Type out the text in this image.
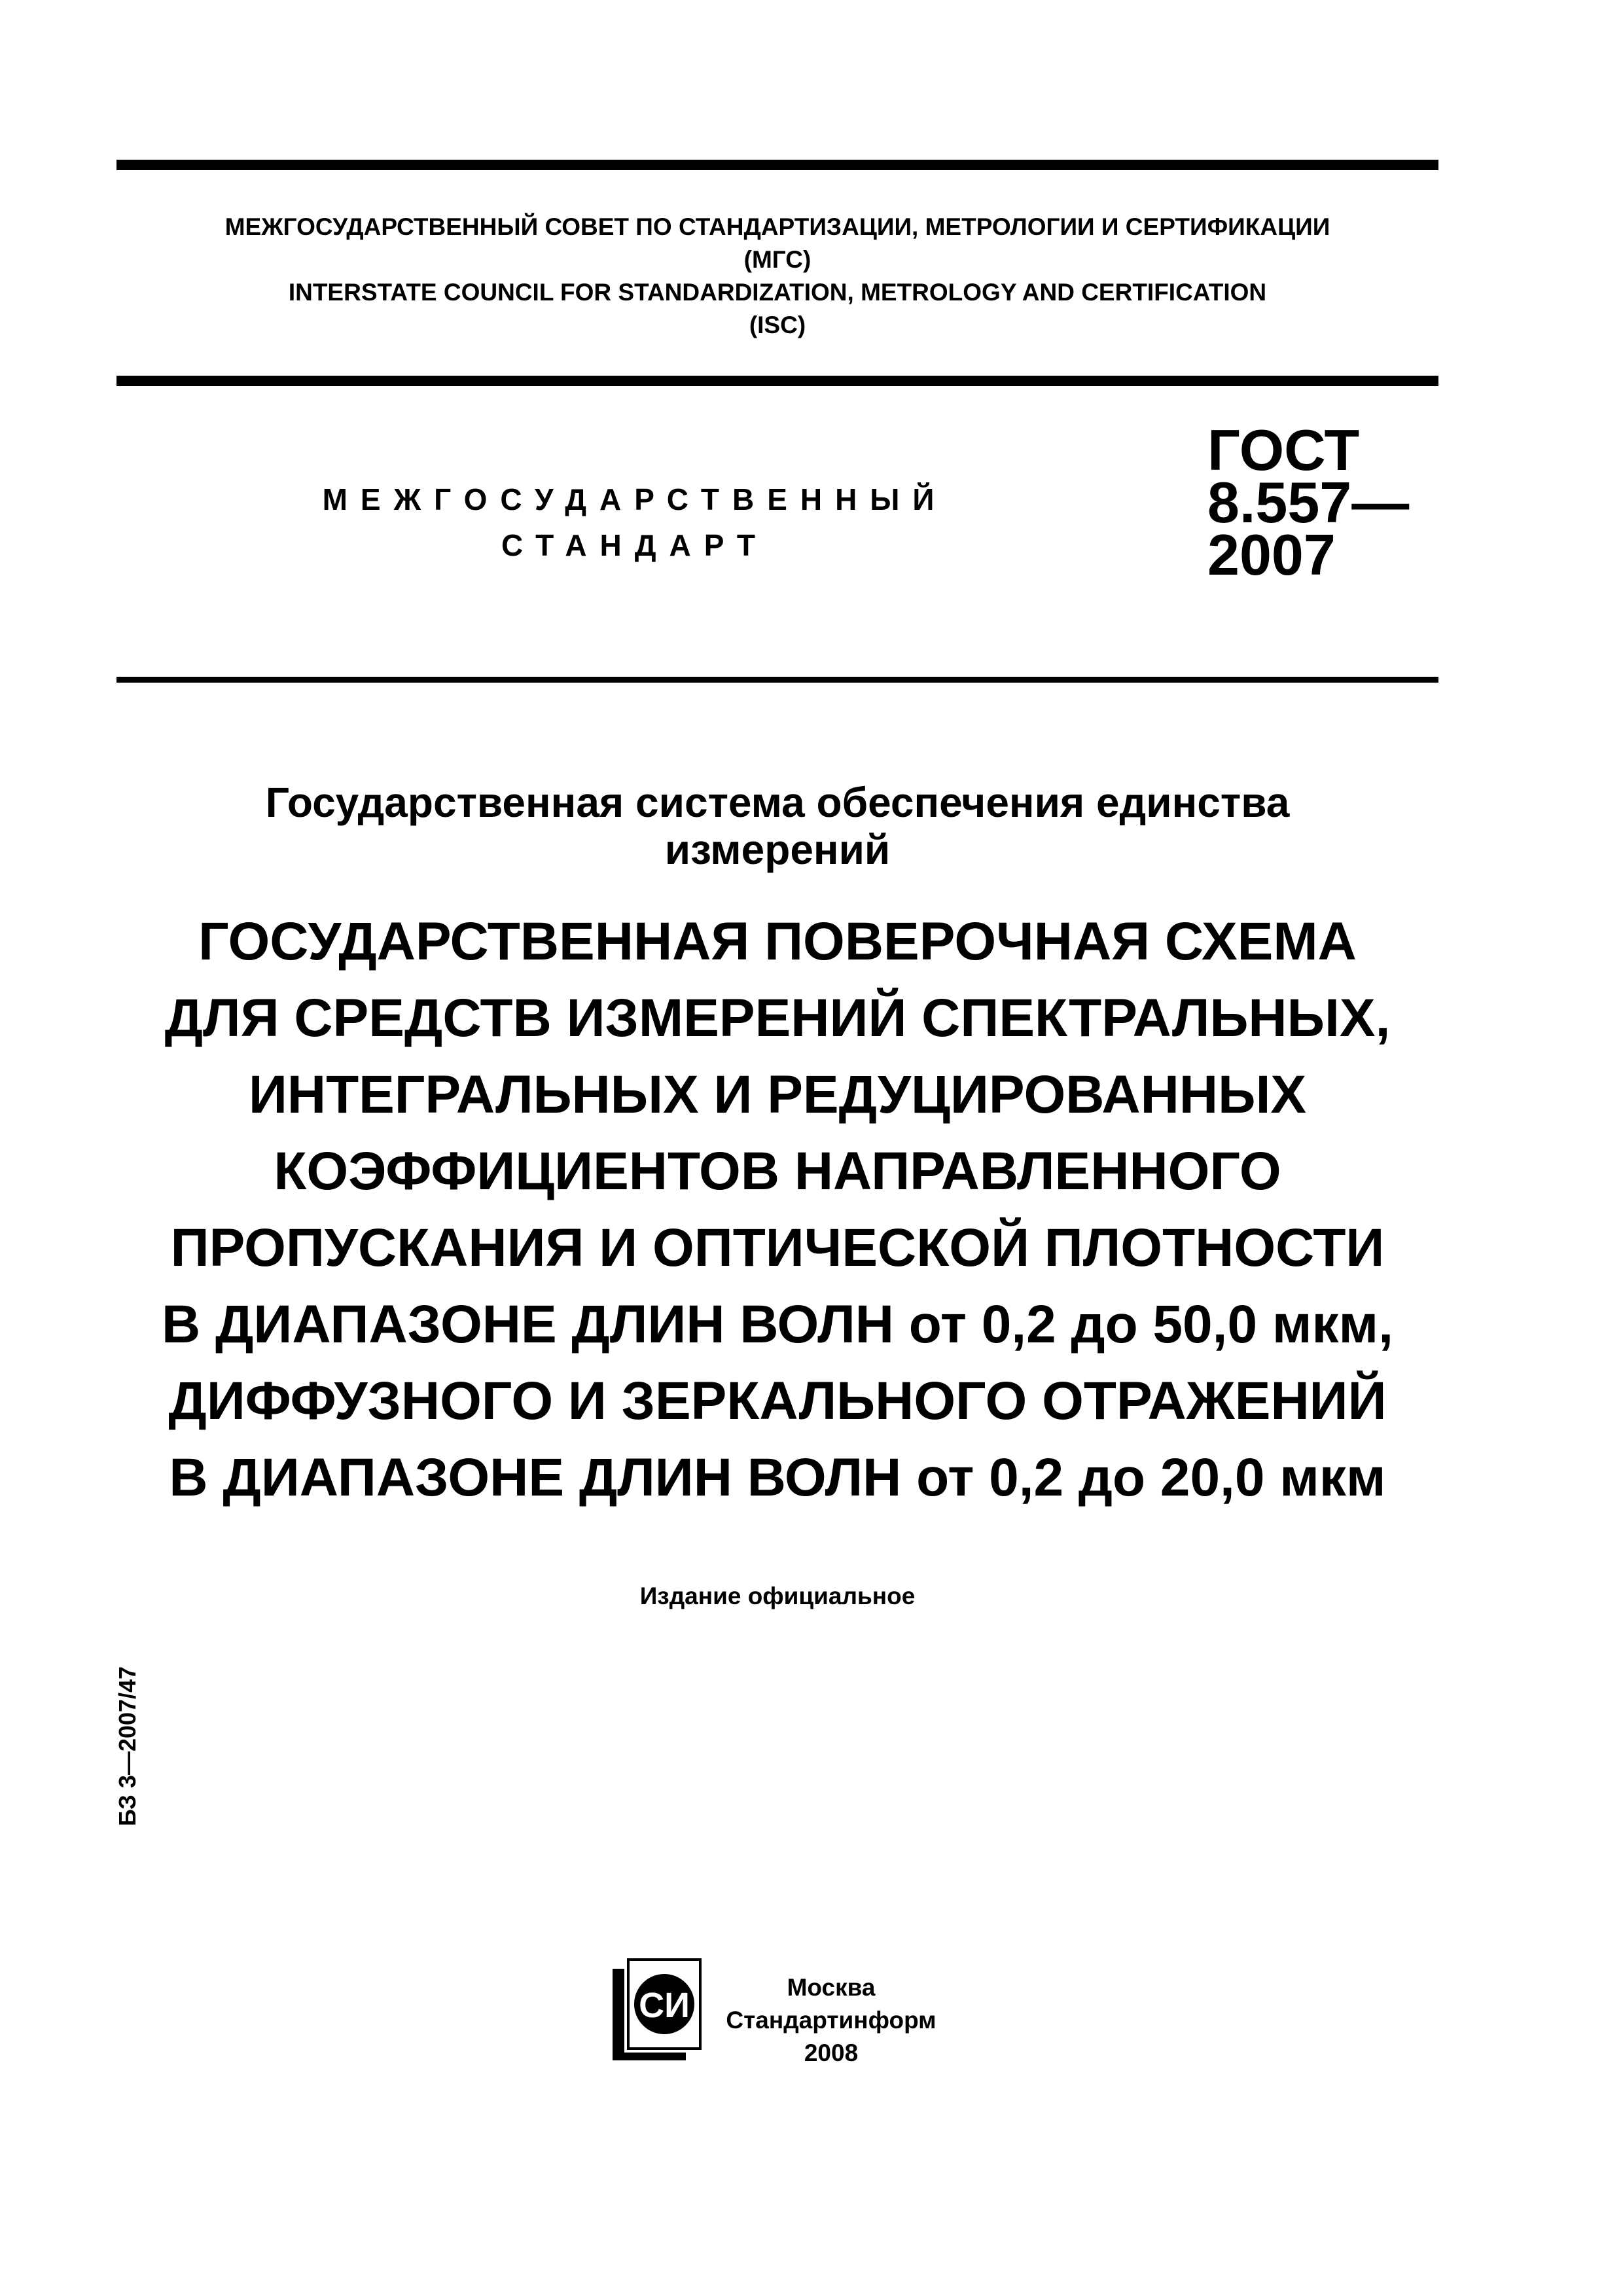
МЕЖГОСУДАРСТВЕННЫЙ СОВЕТ ПО СТАНДАРТИЗАЦИИ, МЕТРОЛОГИИ И СЕРТИФИКАЦИИ
(МГС)
INTERSTATE COUNCIL FOR STANDARDIZATION, METROLOGY AND CERTIFICATION
(ISC)
МЕЖГОСУДАРСТВЕННЫЙ
СТАНДАРТ
ГОСТ
8.557—
2007
Государственная система обеспечения единства
измерений
ГОСУДАРСТВЕННАЯ ПОВЕРОЧНАЯ СХЕМА
ДЛЯ СРЕДСТВ ИЗМЕРЕНИЙ СПЕКТРАЛЬНЫХ,
ИНТЕГРАЛЬНЫХ И РЕДУЦИРОВАННЫХ
КОЭФФИЦИЕНТОВ НАПРАВЛЕННОГО
ПРОПУСКАНИЯ И ОПТИЧЕСКОЙ ПЛОТНОСТИ
В ДИАПАЗОНЕ ДЛИН ВОЛН от 0,2 до 50,0 мкм,
ДИФФУЗНОГО И ЗЕРКАЛЬНОГО ОТРАЖЕНИЙ
В ДИАПАЗОНЕ ДЛИН ВОЛН от 0,2 до 20,0 мкм
Издание официальное
БЗ 3—2007/47
СИ	Москва
Стандартинформ
2008
